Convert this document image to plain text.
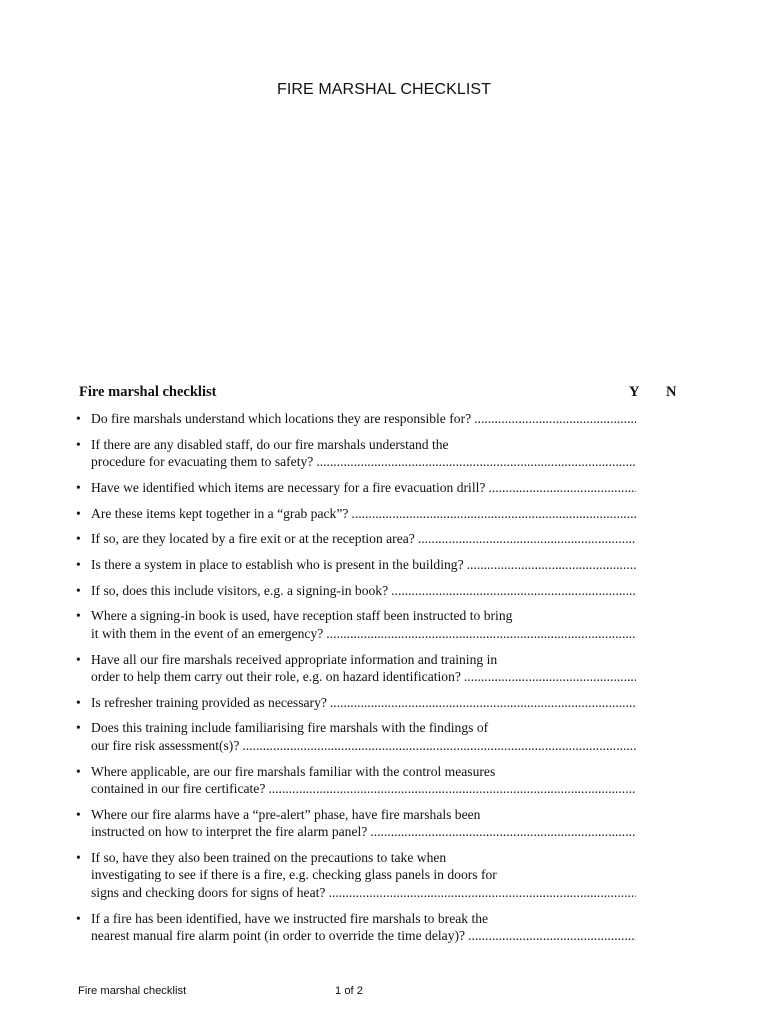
FIRE MARSHAL CHECKLIST
Fire marshal checklist	Y N
• Do fire marshals understand which locations they are responsible for?
.....
• If there are any disabled staff, do our fire marshals understand the
procedure for evacuating them to safety?
.....
• Have we identified which items are necessary for a fire evacuation drill?
.....
• Are these items kept together in a “grab pack”?
.....
• If so, are they located by a fire exit or at the reception area?
.....
• Is there a system in place to establish who is present in the building?
.....
• If so, does this include visitors, e.g. a signing-in book?
.....
• Where a signing-in book is used, have reception staff been instructed to bring
it with them in the event of an emergency?
.....
• Have all our fire marshals received appropriate information and training in
order to help them carry out their role, e.g. on hazard identification?
.....
• Is refresher training provided as necessary?
.....
• Does this training include familiarising fire marshals with the findings of
our fire risk assessment(s)?
.....
• Where applicable, are our fire marshals familiar with the control measures
contained in our fire certificate?
.....
• Where our fire alarms have a “pre-alert” phase, have fire marshals been
instructed on how to interpret the fire alarm panel?
.....
• If so, have they also been trained on the precautions to take when
investigating to see if there is a fire, e.g. checking glass panels in doors for
signs and checking doors for signs of heat?
.....
• If a fire has been identified, have we instructed fire marshals to break the
nearest manual fire alarm point (in order to override the time delay)?
.....
Fire marshal checklist	1 of 2
